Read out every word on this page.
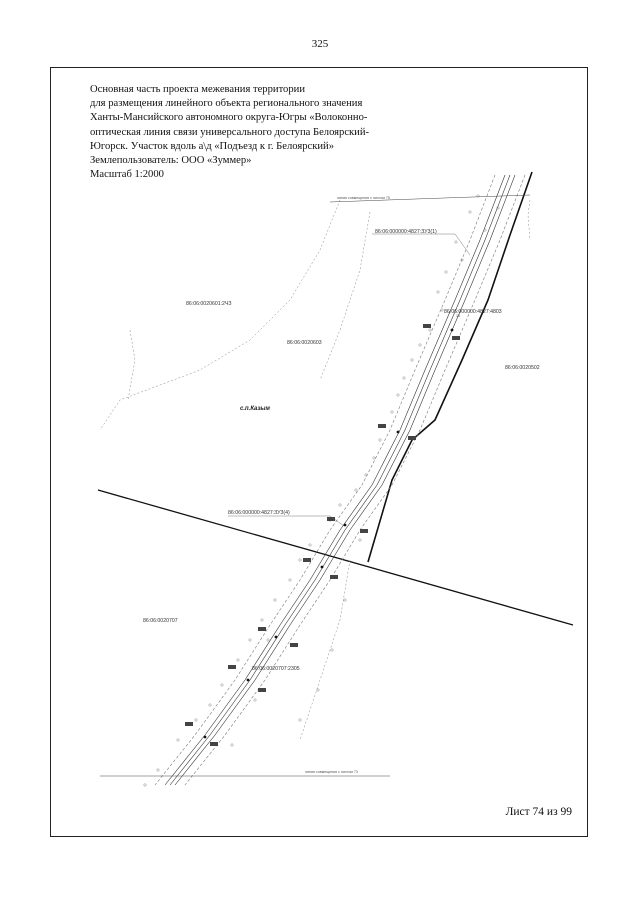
325
Основная часть проекта межевания территории
для размещения линейного объекта регионального значения
Ханты-Мансийского автономного округа-Югры «Волоконно-
оптическая линия связи универсального доступа Белоярский-
Югорск. Участок вдоль а\д «Подъезд к г. Белоярский»
Землепользователь: ООО «Зуммер»
Масштаб 1:2000
86:06:0020601:2ЧЗ
86:06:0020603
86:06:0020502
86:06:0020707
86:06:000000:4827:ЗУ3(1)
86:06:000000:4827:ЗУ3(4)
86:06:000000:4827:4803
86:06:0020707:2305
с.п.Казым
линия совмещения с листом 75
линия совмещения с листом 73
15
Лист 74 из 99
